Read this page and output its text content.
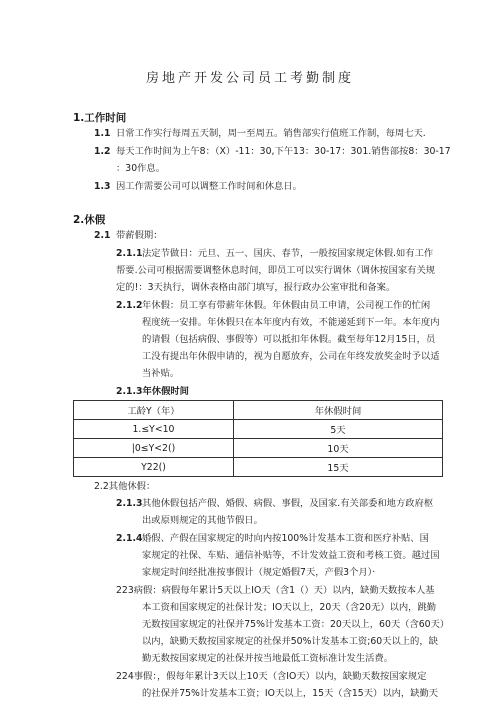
房地产开发公司员工考勤制度
1.工作时间
1.1 日常工作实行每周五天制，周一至周五。销售部实行值班工作制，每周七天.
1.2 每天工作时间为上午8：（X）-11：30,下午13：30-17：301.销售部按8：30-17
：30作息。
1.3 因工作需要公司可以调整工作时间和休息日。
2.休假
2.1 带薪假期：
2.1.1法定节做日：元旦、五一、国庆、春节，一般按国家规定休假.如有工作
帮要.公司可根据需要调整休息时间，即员工可以实行调休（调休按国家有关规
定的!：3天执行，调休表格由部门填写，报行政办公室审批和备案。
2.1.2年休假：员工享有带薪年休假。年休假由员工申请，公司视工作的忙闲
程度统一安排。年休假只在本年度内有效，不能递延到下一年。本年度内
的请假（包括病假、事假等）可以抵扣年休假。截至每年12月15日，员
工没有提出年休假申请的，视为自愿放弃，公司在年终发放奖金时予以适
当补贴。
2.1.3年休假时间
工龄Y（年）	年休假时间
1.≤Y<10	5天
|0≤Y<2()	10天
Y22()	15天
2.2其他休假：
2.1.3其他休假包括产假、婚假、病假、事假，及国家.有关部委和地方政府枢
出或原则规定的其他节假日。
2.1.4婚假、产假在国家规定的时向内按100%计发基本工资和医疗补贴、国
家规定的社保、车贴、通信补贴等，不计发效益工资和考核工资。越过国
家规定时间经批准按事假计（规定婚假7天，产假3个月）·
223病假：病假每年累计5天以上IO天（含1（）天）以内，缺勤天数按本人基
本工资和国家规定的社保计发；IO天以上，20天（含20无）以内，跳勤
无数按国家规定的社保并75%计发基本工资：20天以上，60天（含60天）
以内，缺勤天数按国家规定的社保并50%计发基本工资;60天以上的，缺
勤无数按国家规定的社保并按当地最低工资标准计发生活费。
224事假：，假每年累计3天以上10天（含IO天）以内，缺勤天数按国家规定
的社保并75%计发基本工资；IO天以上，15天（含15天）以内，缺勤天
